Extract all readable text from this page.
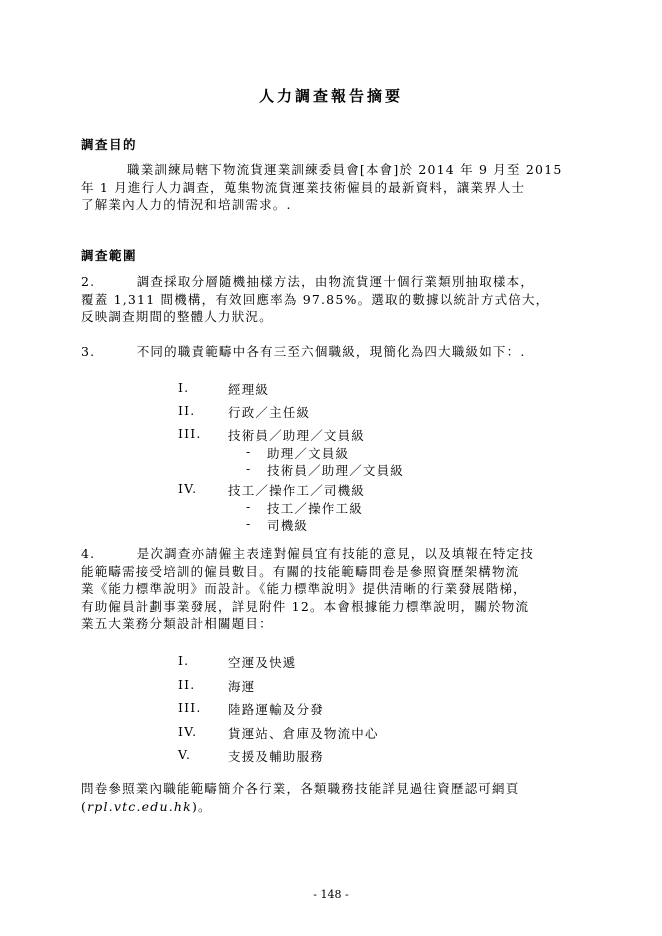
人力調查報告摘要
調查目的
職業訓練局轄下物流貨運業訓練委員會[本會]於 2014 年 9 月至 2015
年 1 月進行人力調查，蒐集物流貨運業技術僱員的最新資料，讓業界人士
了解業內人力的情況和培訓需求。.
調查範圍
2.        調查採取分層隨機抽樣方法，由物流貨運十個行業類別抽取樣本，
覆蓋 1,311 間機構，有效回應率為 97.85%。選取的數據以統計方式倍大，
反映調查期間的整體人力狀況。
3.        不同的職責範疇中各有三至六個職級，現簡化為四大職級如下：.
I.	經理級
II.	行政／主任級
III.	技術員／助理／文員級
- 助理／文員級
- 技術員／助理／文員級
IV.	技工／操作工／司機級
- 技工／操作工級
- 司機級
4.        是次調查亦請僱主表達對僱員宜有技能的意見，以及填報在特定技
能範疇需接受培訓的僱員數目。有關的技能範疇問卷是參照資歷架構物流
業《能力標準說明》而設計。《能力標準說明》提供清晰的行業發展階梯，
有助僱員計劃事業發展，詳見附件 12。本會根據能力標準說明，關於物流
業五大業務分類設計相關題目：
I.	空運及快遞
II.	海運
III.	陸路運輸及分發
IV.	貨運站、倉庫及物流中心
V.	支援及輔助服務
問卷參照業內職能範疇簡介各行業，各類職務技能詳見過往資歷認可網頁
(rpl.vtc.edu.hk)。
- 148 -
